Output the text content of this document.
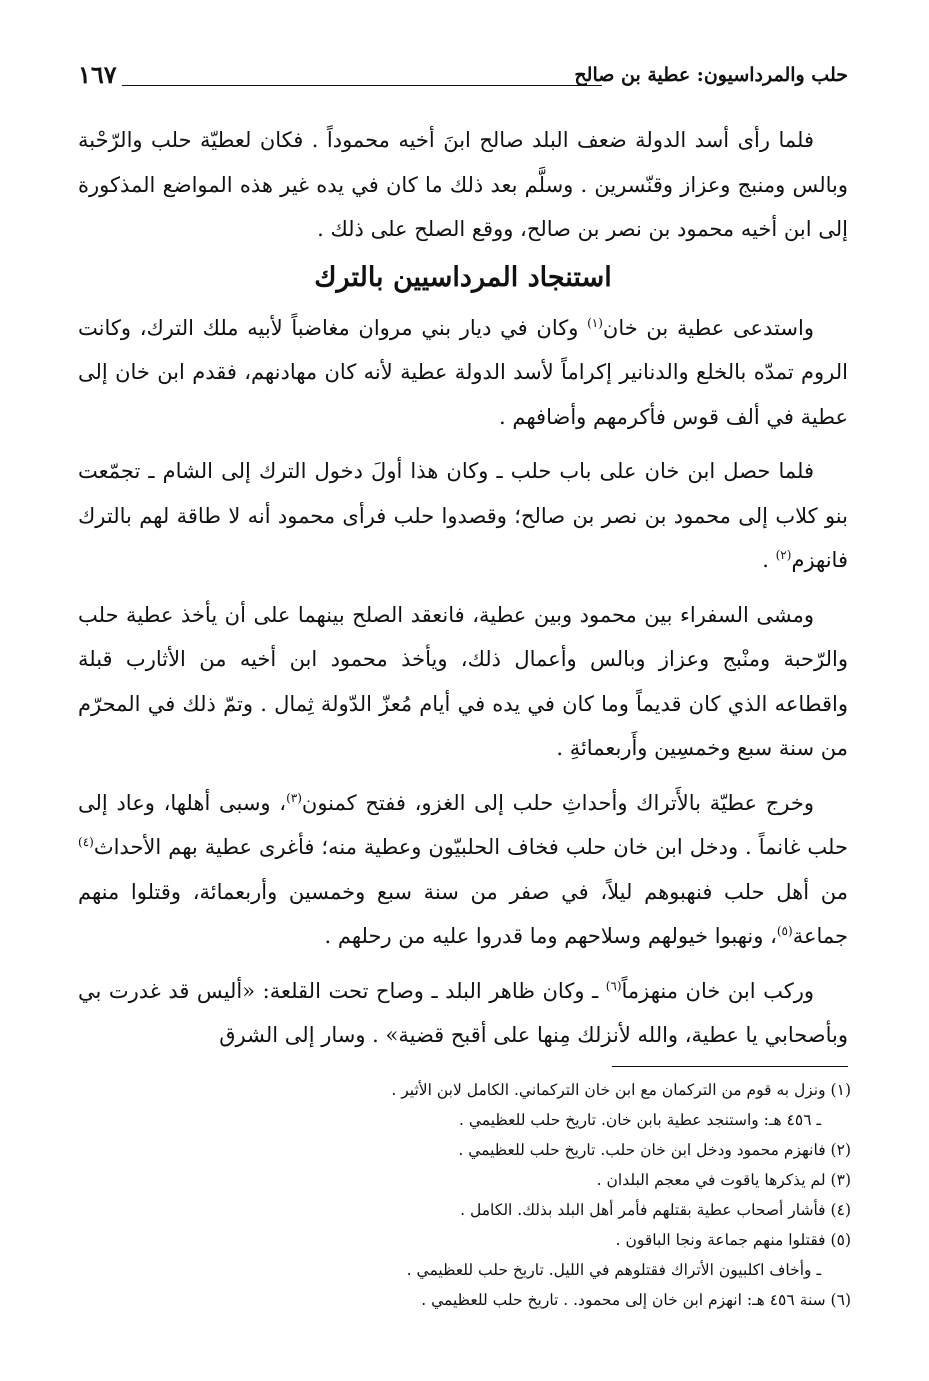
حلب والمرداسيون: عطية بن صالح
١٦٧

فلما رأى أسد الدولة ضعف البلد صالح ابنَ أخيه محموداً . فكان لعطيّة حلب والرّحْبة وبالس ومنبج وعزاز وقنّسرين . وسلَّم بعد ذلك ما كان في يده غير هذه المواضع المذكورة إلى ابن أخيه محمود بن نصر بن صالح، ووقع الصلح على ذلك .

استنجاد المرداسيين بالترك

واستدعى عطية بن خان$^{(١)}$ وكان في ديار بني مروان مغاضباً لأبيه ملك الترك، وكانت الروم تمدّه بالخلع والدنانير إكراماً لأسد الدولة عطية لأنه كان مهادنهم، فقدم ابن خان إلى عطية في ألف قوس فأكرمهم وأضافهم .

فلما حصل ابن خان على باب حلب ـ وكان هذا أولَ دخول الترك إلى الشام ـ تجمّعت بنو كلاب إلى محمود بن نصر بن صالح؛ وقصدوا حلب فرأى محمود أنه لا طاقة لهم بالترك فانهزم$^{(٢)}$ .

ومشى السفراء بين محمود وبين عطية، فانعقد الصلح بينهما على أن يأخذ عطية حلب والرّحبة ومنْبج وعزاز وبالس وأعمال ذلك، ويأخذ محمود ابن أخيه من الأثارب قبلة واقطاعه الذي كان قديماً وما كان في يده في أيام مُعزّ الدّولة ثِمال . وتمّ ذلك في المحرّم من سنة سبع وخمسِين وأَربعمائةِ .

وخرج عطيّة بالأَتراك وأحداثِ حلب إلى الغزو، ففتح كمنون$^{(٣)}$، وسبى أهلها، وعاد إلى حلب غانماً . ودخل ابن خان حلب فخاف الحلبيّون وعطية منه؛ فأغرى عطية بهم الأحداث$^{(٤)}$ من أهل حلب فنهبوهم ليلاً، في صفر من سنة سبع وخمسين وأربعمائة، وقتلوا منهم جماعة$^{(٥)}$، ونهبوا خيولهم وسلاحهم وما قدروا عليه من رحلهم .

وركب ابن خان منهزماً$^{(٦)}$ ـ وكان ظاهر البلد ـ وصاح تحت القلعة: «أليس قد غدرت بي وبأصحابي يا عطية، والله لأنزلك مِنها على أقبح قضية» . وسار إلى الشرق

(١) ونزل به قوم من التركمان مع ابن خان التركماني. الكامل لابن الأثير .

ـ ٤٥٦ هـ: واستنجد عطية بابن خان. تاريخ حلب للعظيمي .

(٢) فانهزم محمود ودخل ابن خان حلب. تاريخ حلب للعظيمي .

(٣) لم يذكرها ياقوت في معجم البلدان .

(٤) فأشار أصحاب عطية بقتلهم فأمر أهل البلد بذلك. الكامل .

(٥) فقتلوا منهم جماعة ونجا الباقون .

ـ وأخاف اكلبيون الأتراك فقتلوهم في الليل. تاريخ حلب للعظيمي .

(٦) سنة ٤٥٦ هـ: انهزم ابن خان إلى محمود. . تاريخ حلب للعظيمي .
